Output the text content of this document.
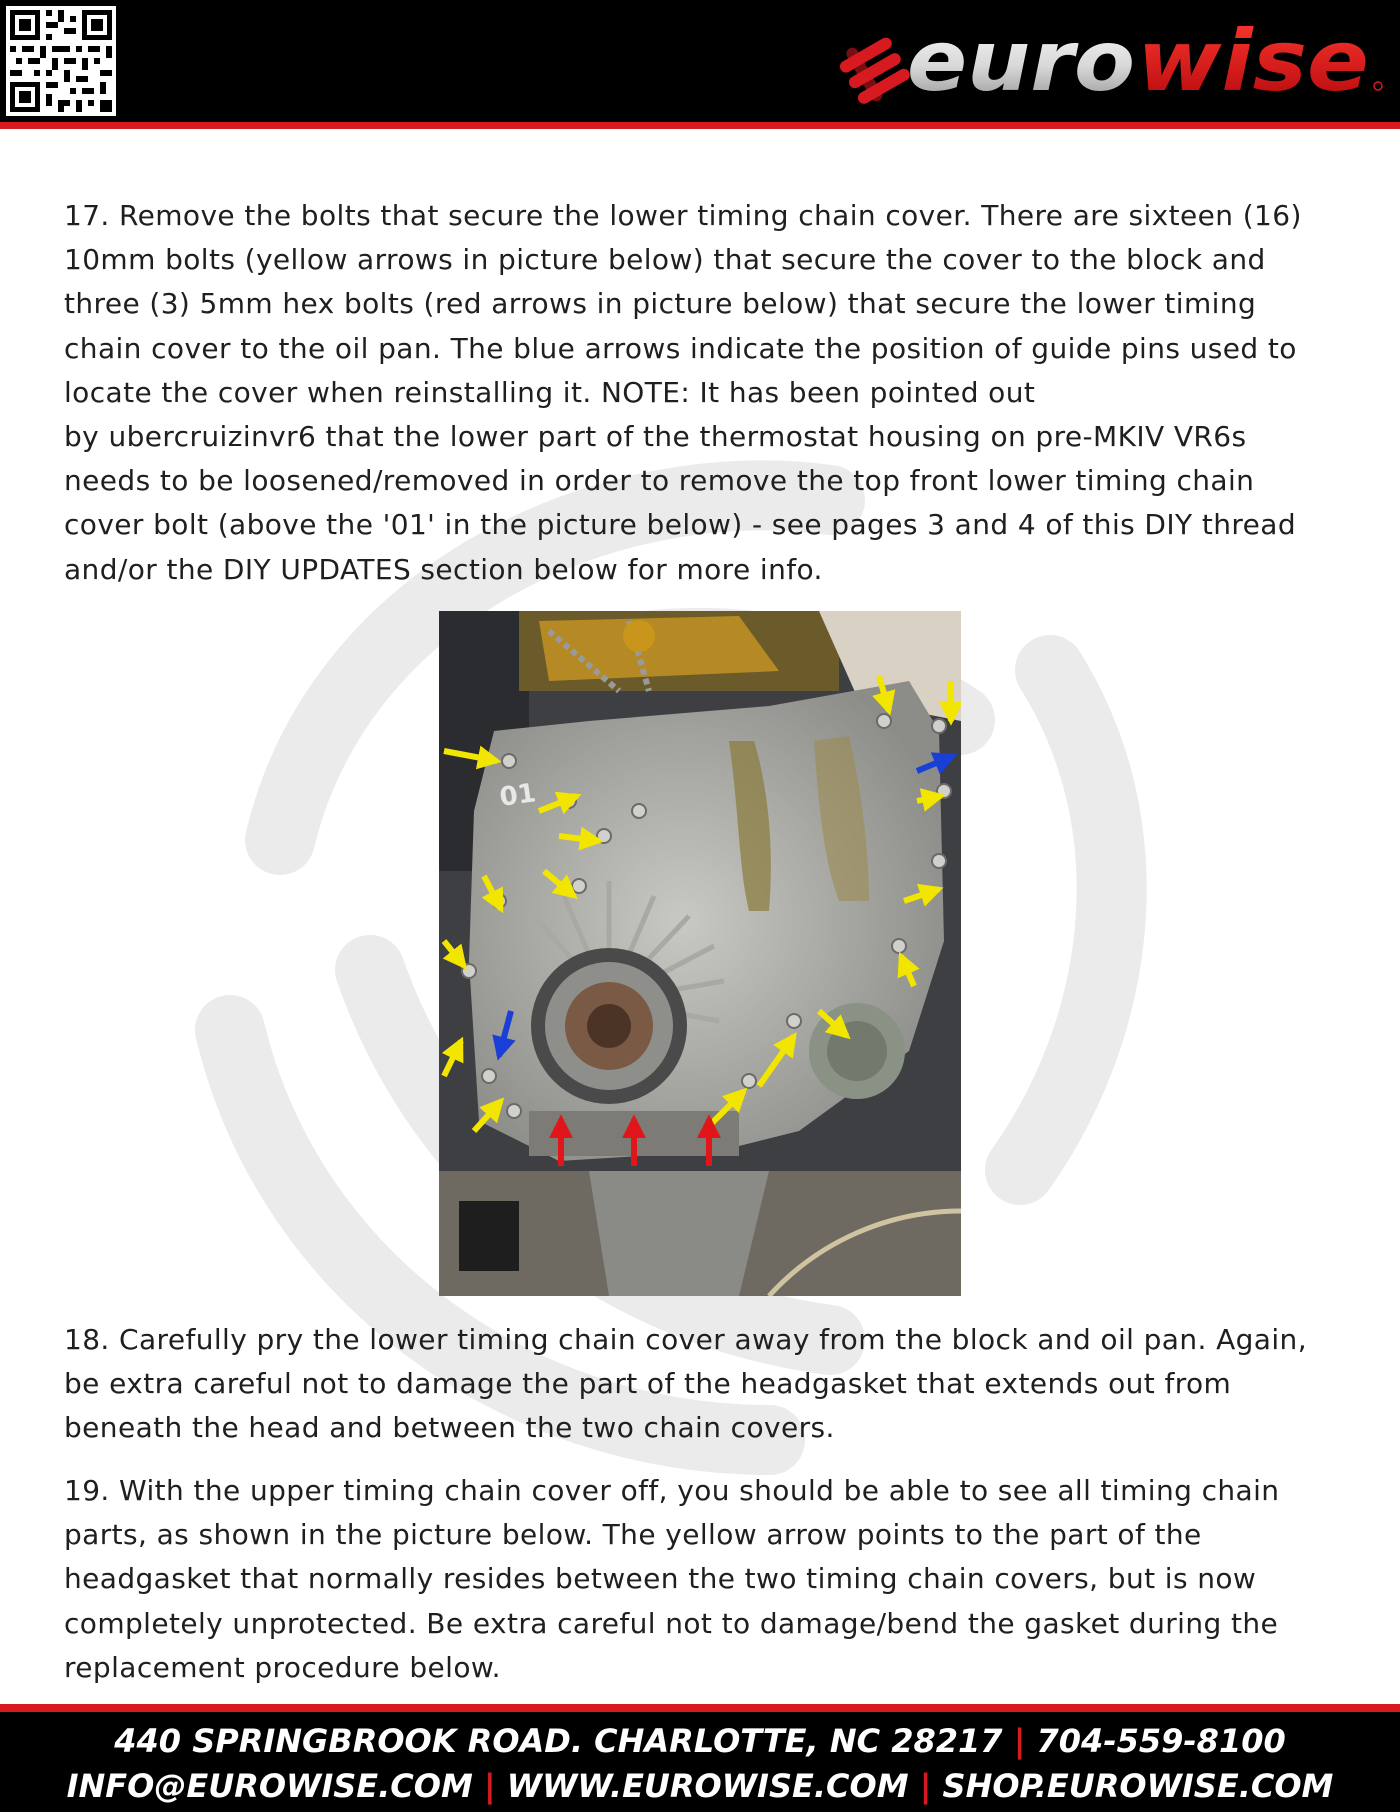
euro wise

17. Remove the bolts that secure the lower timing chain cover. There are sixteen (16)
10mm bolts (yellow arrows in picture below) that secure the cover to the block and
three (3) 5mm hex bolts (red arrows in picture below) that secure the lower timing
chain cover to the oil pan. The blue arrows indicate the position of guide pins used to
locate the cover when reinstalling it. NOTE: It has been pointed out
by ubercruizinvr6 that the lower part of the thermostat housing on pre-MKIV VR6s
needs to be loosened/removed in order to remove the top front lower timing chain
cover bolt (above the '01' in the picture below) - see pages 3 and 4 of this DIY thread
and/or the DIY UPDATES section below for more info.

01

18. Carefully pry the lower timing chain cover away from the block and oil pan. Again,
be extra careful not to damage the part of the headgasket that extends out from
beneath the head and between the two chain covers.

19. With the upper timing chain cover off, you should be able to see all timing chain
parts, as shown in the picture below. The yellow arrow points to the part of the
headgasket that normally resides between the two timing chain covers, but is now
completely unprotected. Be extra careful not to damage/bend the gasket during the
replacement procedure below.

440 SPRINGBROOK ROAD. CHARLOTTE, NC 28217 | 704-559-8100
INFO@EUROWISE.COM | WWW.EUROWISE.COM | SHOP.EUROWISE.COM
